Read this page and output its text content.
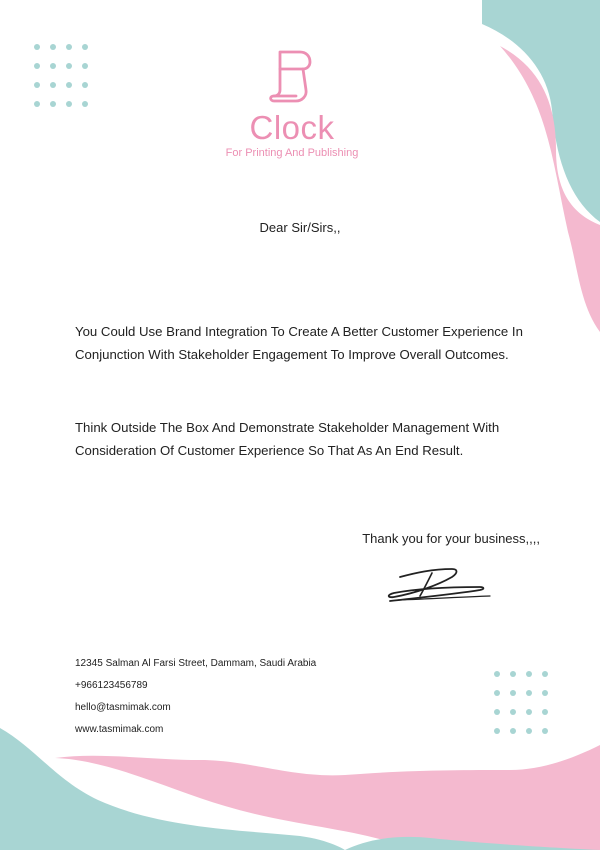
Clock
For Printing And Publishing
Dear Sir/Sirs,,

You Could Use Brand Integration To Create A Better Customer Experience In Conjunction With Stakeholder Engagement To Improve Overall Outcomes.

Think Outside The Box And Demonstrate Stakeholder Management With Consideration Of Customer Experience So That As An End Result.

Thank you for your business,,,,
12345 Salman Al Farsi Street, Dammam, Saudi Arabia
+966123456789
hello@tasmimak.com
www.tasmimak.com
